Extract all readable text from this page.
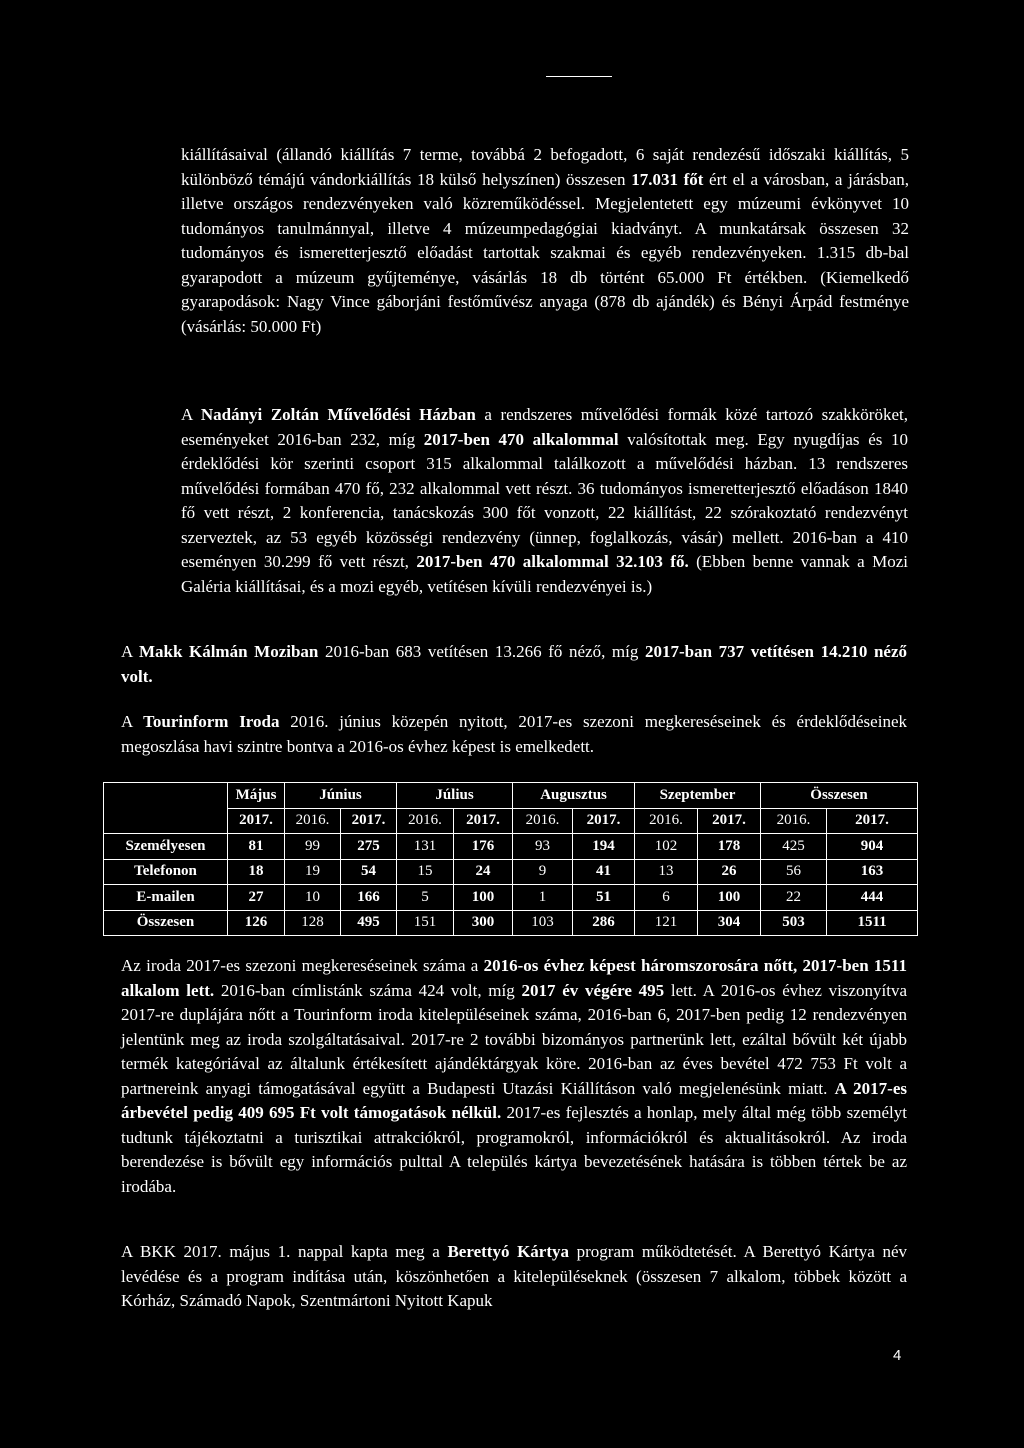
kiállításaival (állandó kiállítás 7 terme, továbbá 2 befogadott, 6 saját rendezésű időszaki kiállítás, 5 különböző témájú vándorkiállítás 18 külső helyszínen) összesen 17.031 főt ért el a városban, a járásban, illetve országos rendezvényeken való közreműködéssel. Megjelentetett egy múzeumi évkönyvet 10 tudományos tanulmánnyal, illetve 4 múzeumpedagógiai kiadványt. A munkatársak összesen 32 tudományos és ismeretterjesztő előadást tartottak szakmai és egyéb rendezvényeken. 1.315 db-bal gyarapodott a múzeum gyűjteménye, vásárlás 18 db történt 65.000 Ft értékben. (Kiemelkedő gyarapodások: Nagy Vince gáborjáni festőművész anyaga (878 db ajándék) és Bényi Árpád festménye (vásárlás: 50.000 Ft)

A Nadányi Zoltán Művelődési Házban a rendszeres művelődési formák közé tartozó szakköröket, eseményeket 2016-ban 232, míg 2017-ben 470 alkalommal valósítottak meg. Egy nyugdíjas és 10 érdeklődési kör szerinti csoport 315 alkalommal találkozott a művelődési házban. 13 rendszeres művelődési formában 470 fő, 232 alkalommal vett részt. 36 tudományos ismeretterjesztő előadáson 1840 fő vett részt, 2 konferencia, tanácskozás 300 főt vonzott, 22 kiállítást, 22 szórakoztató rendezvényt szerveztek, az 53 egyéb közösségi rendezvény (ünnep, foglalkozás, vásár) mellett. 2016-ban a 410 eseményen 30.299 fő vett részt, 2017-ben 470 alkalommal 32.103 fő. (Ebben benne vannak a Mozi Galéria kiállításai, és a mozi egyéb, vetítésen kívüli rendezvényei is.)

A Makk Kálmán Moziban 2016-ban 683 vetítésen 13.266 fő néző, míg 2017-ban 737 vetítésen 14.210 néző volt.

A Tourinform Iroda 2016. június közepén nyitott, 2017-es szezoni megkereséseinek és érdeklődéseinek megoszlása havi szintre bontva a 2016-os évhez képest is emelkedett.

	Május	Június		Július		Augusztus		Szeptember		Összesen	
	2017.	2016.	2017.	2016.	2017.	2016.	2017.	2016.	2017.	2016.	2017.
Személyesen	81	99	275	131	176	93	194	102	178	425	904
Telefonon	18	19	54	15	24	9	41	13	26	56	163
E-mailen	27	10	166	5	100	1	51	6	100	22	444
Összesen	126	128	495	151	300	103	286	121	304	503	1511

Az iroda 2017-es szezoni megkereséseinek száma a 2016-os évhez képest háromszorosára nőtt, 2017-ben 1511 alkalom lett. 2016-ban címlistánk száma 424 volt, míg 2017 év végére 495 lett. A 2016-os évhez viszonyítva 2017-re duplájára nőtt a Tourinform iroda kitelepüléseinek száma, 2016-ban 6, 2017-ben pedig 12 rendezvényen jelentünk meg az iroda szolgáltatásaival. 2017-re 2 további bizományos partnerünk lett, ezáltal bővült két újabb termék kategóriával az általunk értékesített ajándéktárgyak köre. 2016-ban az éves bevétel 472 753 Ft volt a partnereink anyagi támogatásával együtt a Budapesti Utazási Kiállításon való megjelenésünk miatt. A 2017-es árbevétel pedig 409 695 Ft volt támogatások nélkül. 2017-es fejlesztés a honlap, mely által még több személyt tudtunk tájékoztatni a turisztikai attrakciókról, programokról, információkról és aktualitásokról. Az iroda berendezése is bővült egy információs pulttal A település kártya bevezetésének hatására is többen tértek be az irodába.

A BKK 2017. május 1. nappal kapta meg a Berettyó Kártya program működtetését. A Berettyó Kártya név levédése és a program indítása után, köszönhetően a kitelepüléseknek (összesen 7 alkalom, többek között a Kórház, Számadó Napok, Szentmártoni Nyitott Kapuk

4
